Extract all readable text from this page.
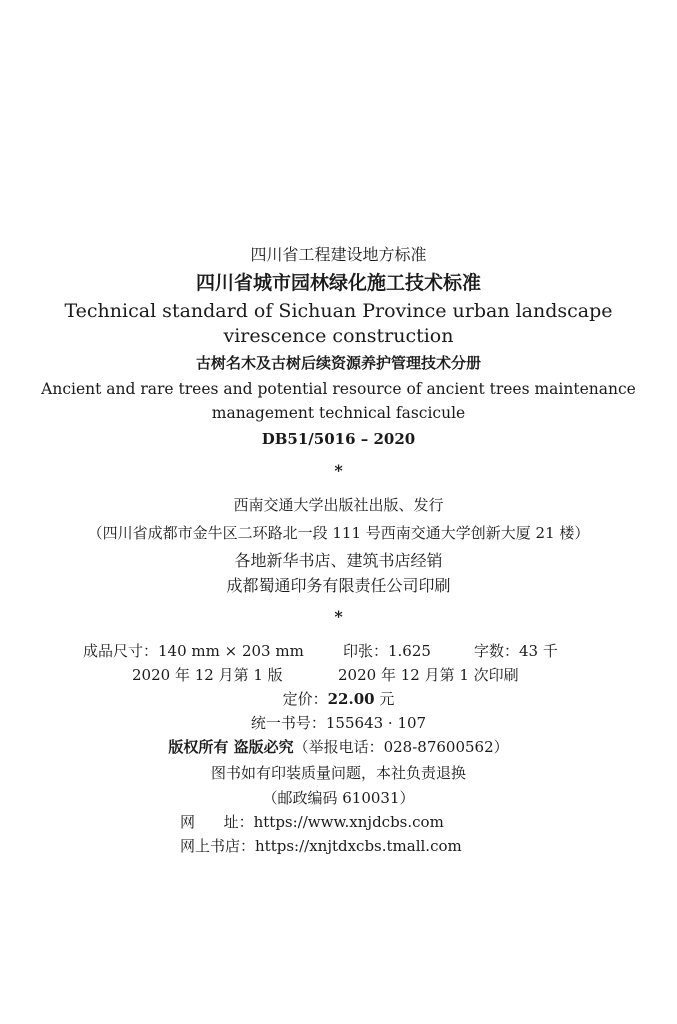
四川省工程建设地方标准
四川省城市园林绿化施工技术标准
Technical standard of Sichuan Province urban landscape
virescence construction
古树名木及古树后续资源养护管理技术分册
Ancient and rare trees and potential resource of ancient trees maintenance
management technical fascicule
DB51/5016 – 2020
*
西南交通大学出版社出版、发行
（四川省成都市金牛区二环路北一段 111 号西南交通大学创新大厦 21 楼）
各地新华书店、建筑书店经销
成都蜀通印务有限责任公司印刷
*
成品尺寸：140 mm × 203 mm	印张：1.625	字数：43 千
2020 年 12 月第 1 版	2020 年 12 月第 1 次印刷
定价：22.00 元
统一书号：155643 · 107
版权所有 盗版必究（举报电话：028-87600562）
图书如有印装质量问题，本社负责退换
（邮政编码 610031）
网      址：https://www.xnjdcbs.com
网上书店：https://xnjtdxcbs.tmall.com
